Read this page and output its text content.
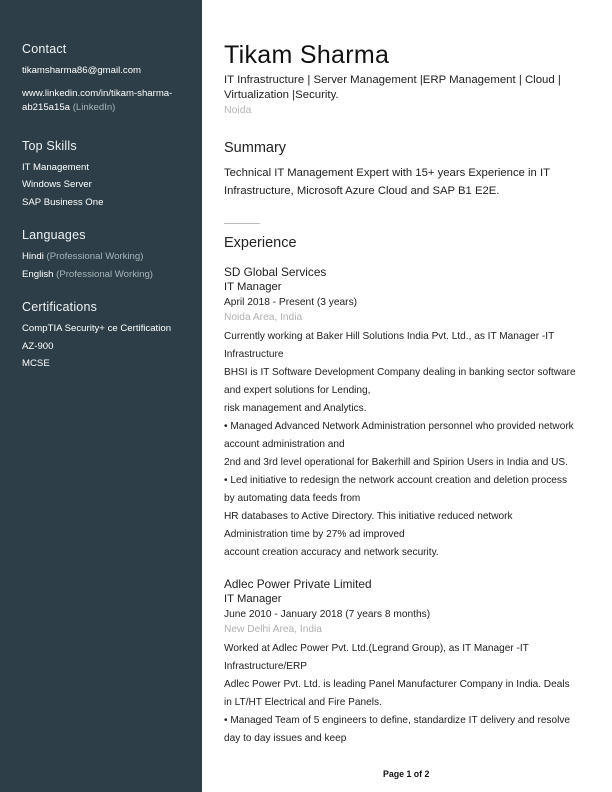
Contact
tikamsharma86@gmail.com
www.linkedin.com/in/tikam-sharma-
ab215a15a (LinkedIn)
Top Skills
IT Management
Windows Server
SAP Business One
Languages
Hindi (Professional Working)
English (Professional Working)
Certifications
CompTIA Security+ ce Certification
AZ-900
MCSE
Tikam Sharma
IT Infrastructure | Server Management |ERP Management | Cloud |
Virtualization |Security.
Noida
Summary
Technical IT Management Expert with 15+ years Experience in IT
Infrastructure, Microsoft Azure Cloud and SAP B1 E2E.
Experience
SD Global Services
IT Manager
April 2018 - Present (3 years)
Noida Area, India
Currently working at Baker Hill Solutions India Pvt. Ltd., as IT Manager -IT
Infrastructure
BHSI is IT Software Development Company dealing in banking sector software
and expert solutions for Lending,
risk management and Analytics.
• Managed Advanced Network Administration personnel who provided network
account administration and
2nd and 3rd level operational for Bakerhill and Spirion Users in India and US.
• Led initiative to redesign the network account creation and deletion process
by automating data feeds from
HR databases to Active Directory. This initiative reduced network
Administration time by 27% ad improved
account creation accuracy and network security.
Adlec Power Private Limited
IT Manager
June 2010 - January 2018 (7 years 8 months)
New Delhi Area, India
Worked at Adlec Power Pvt. Ltd.(Legrand Group), as IT Manager -IT
Infrastructure/ERP
Adlec Power Pvt. Ltd. is leading Panel Manufacturer Company in India. Deals
in LT/HT Electrical and Fire Panels.
• Managed Team of 5 engineers to define, standardize IT delivery and resolve
day to day issues and keep
Page 1 of 2
